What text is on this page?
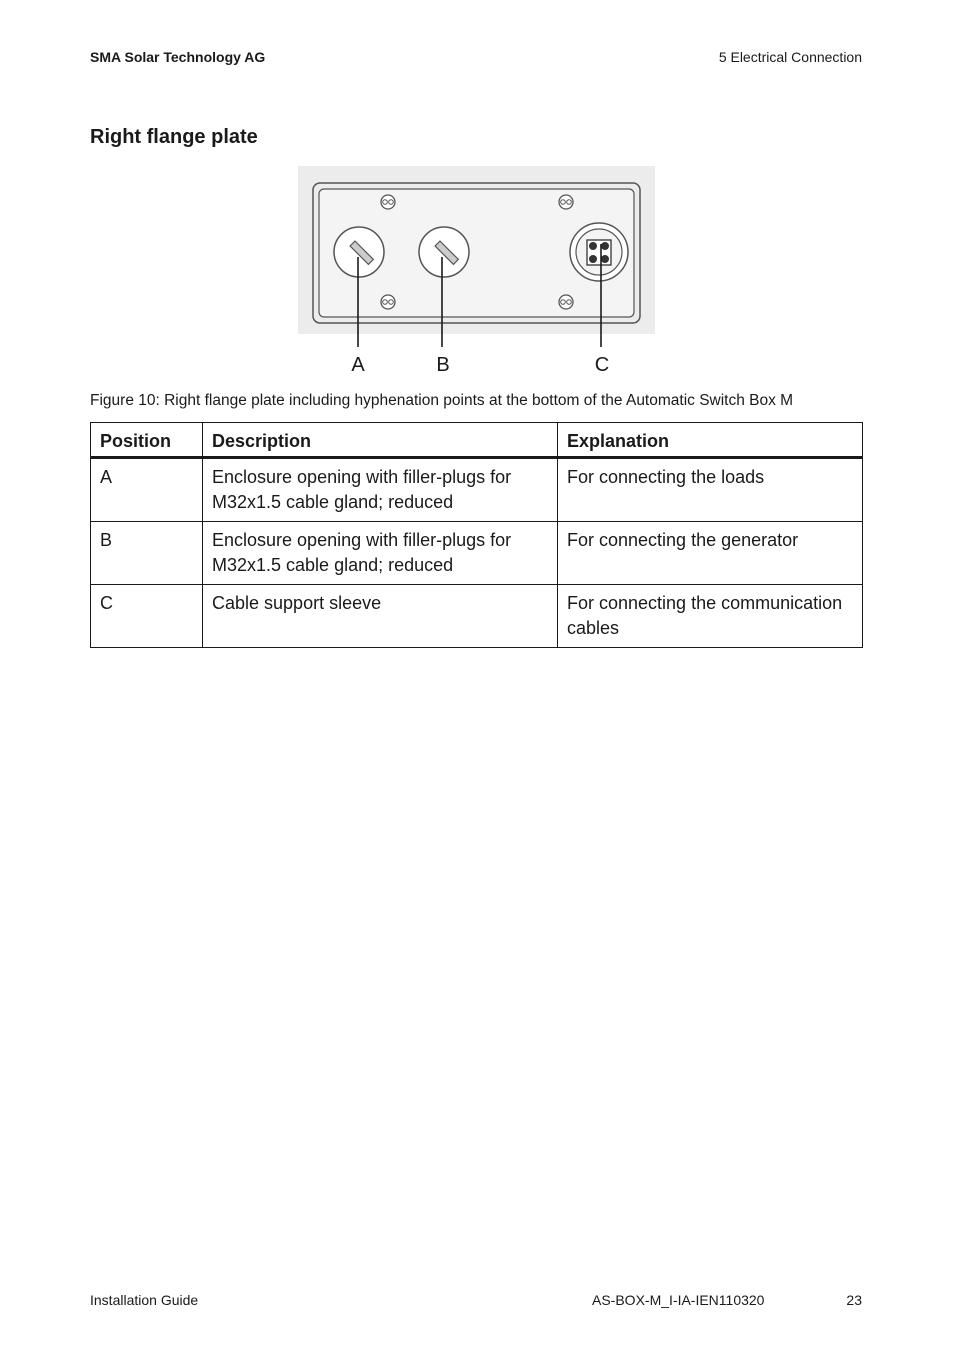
SMA Solar Technology AG	5 Electrical Connection
Right flange plate
A	B	C
Figure 10: Right flange plate including hyphenation points at the bottom of the Automatic Switch Box M
Position	Description	Explanation
A	Enclosure opening with filler-plugs for M32x1.5 cable gland; reduced	For connecting the loads
B	Enclosure opening with filler-plugs for M32x1.5 cable gland; reduced	For connecting the generator
C	Cable support sleeve	For connecting the communication cables
Installation Guide	AS-BOX-M_I-IA-IEN110320	23
